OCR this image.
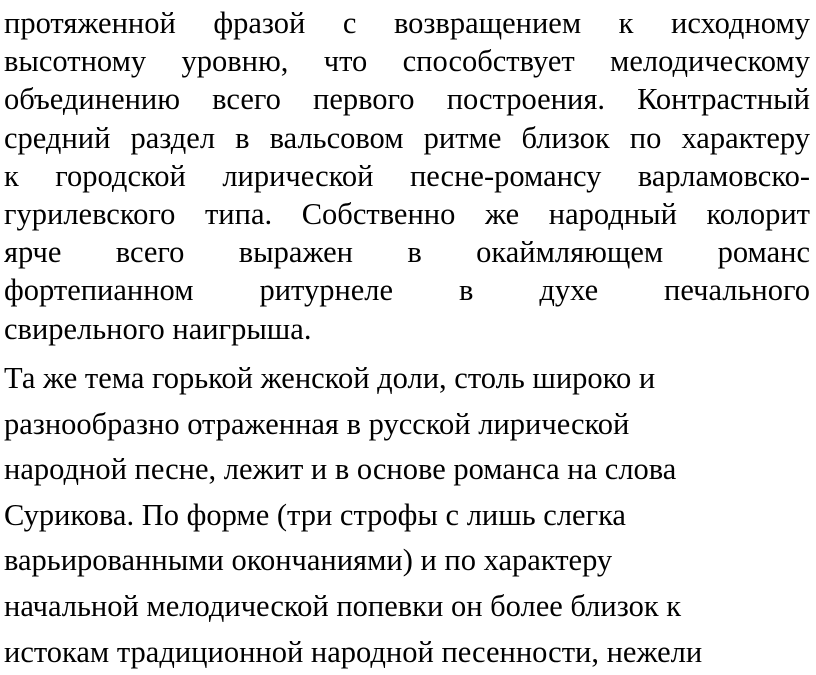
протяженной фразой с возвращением к исходному
высотному уровню, что способствует мелодическому
объединению всего первого построения. Контрастный
средний раздел в вальсовом ритме близок по характеру
к городской лирической песне-романсу варламовско-
гурилевского типа. Собственно же народный колорит
ярче всего выражен в окаймляющем романс
фортепианном ритурнеле в духе печального
свирельного наигрыша.
Та же тема горькой женской доли, столь широко и
разнообразно отраженная в русской лирической
народной песне, лежит и в основе романса на слова
Сурикова. По форме (три строфы с лишь слегка
варьированными окончаниями) и по характеру
начальной мелодической попевки он более близок к
истокам традиционной народной песенности, нежели
